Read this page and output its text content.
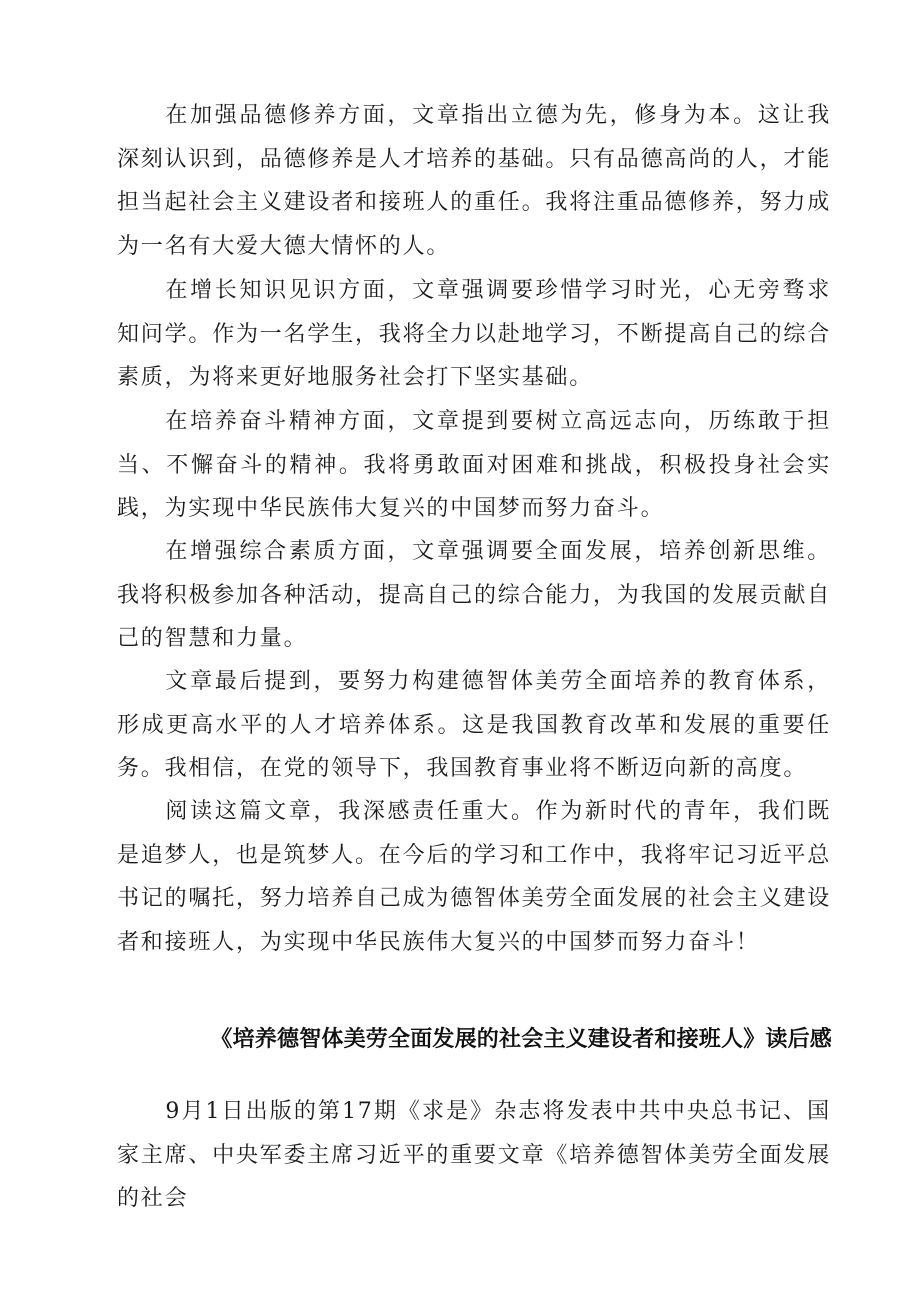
在加强品德修养方面，文章指出立德为先，修身为本。这让我深刻认识到，品德修养是人才培养的基础。只有品德高尚的人，才能担当起社会主义建设者和接班人的重任。我将注重品德修养，努力成为一名有大爱大德大情怀的人。

在增长知识见识方面，文章强调要珍惜学习时光，心无旁骛求知问学。作为一名学生，我将全力以赴地学习，不断提高自己的综合素质，为将来更好地服务社会打下坚实基础。

在培养奋斗精神方面，文章提到要树立高远志向，历练敢于担当、不懈奋斗的精神。我将勇敢面对困难和挑战，积极投身社会实践，为实现中华民族伟大复兴的中国梦而努力奋斗。

在增强综合素质方面，文章强调要全面发展，培养创新思维。我将积极参加各种活动，提高自己的综合能力，为我国的发展贡献自己的智慧和力量。

文章最后提到，要努力构建德智体美劳全面培养的教育体系，形成更高水平的人才培养体系。这是我国教育改革和发展的重要任务。我相信，在党的领导下，我国教育事业将不断迈向新的高度。

阅读这篇文章，我深感责任重大。作为新时代的青年，我们既是追梦人，也是筑梦人。在今后的学习和工作中，我将牢记习近平总书记的嘱托，努力培养自己成为德智体美劳全面发展的社会主义建设者和接班人，为实现中华民族伟大复兴的中国梦而努力奋斗！

《培养德智体美劳全面发展的社会主义建设者和接班人》读后感

9月1日出版的第17期《求是》杂志将发表中共中央总书记、国家主席、中央军委主席习近平的重要文章《培养德智体美劳全面发展的社会
